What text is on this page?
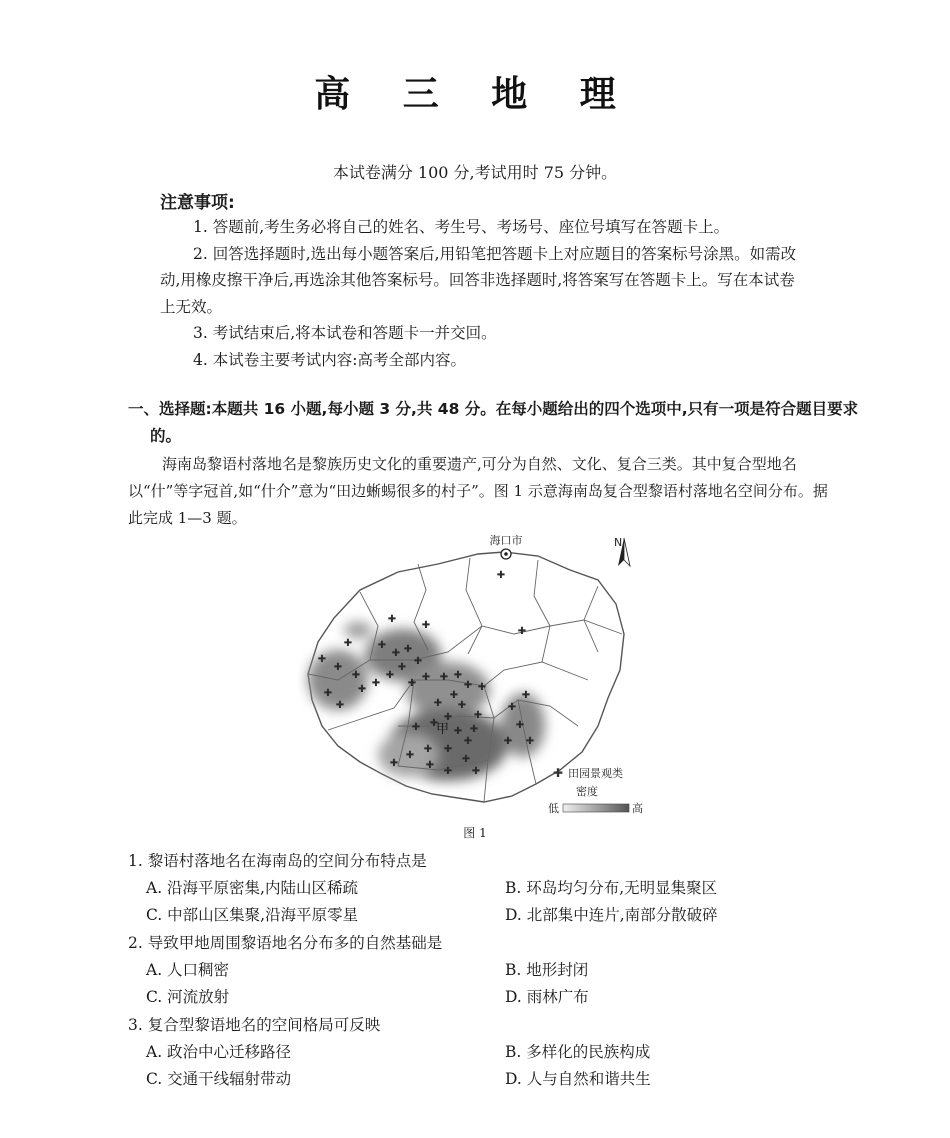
高 三 地 理
本试卷满分 100 分,考试用时 75 分钟。
注意事项:

1. 答题前,考生务必将自己的姓名、考生号、考场号、座位号填写在答题卡上。

2. 回答选择题时,选出每小题答案后,用铅笔把答题卡上对应题目的答案标号涂黑。如需改动,用橡皮擦干净后,再选涂其他答案标号。回答非选择题时,将答案写在答题卡上。写在本试卷上无效。

3. 考试结束后,将本试卷和答题卡一并交回。

4. 本试卷主要考试内容:高考全部内容。

一、选择题:本题共 16 小题,每小题 3 分,共 48 分。在每小题给出的四个选项中,只有一项是符合题目要求的。
海南岛黎语村落地名是黎族历史文化的重要遗产,可分为自然、文化、复合三类。其中复合型地名以“什”等字冠首,如“什介”意为“田边蜥蜴很多的村子”。图 1 示意海南岛复合型黎语村落地名空间分布。据此完成 1—3 题。
海口市	N
✚
✚
✚
✚
✚
✚
✚
✚
✚
✚
✚
✚ ✚
✚
✚
✚
✚	✚
✚ ✚ ✚
✚ ✚
✚
✚ ✚
✚
✚
✚
✚	✚
✚
✚
✚
✚
✚	✚
✚
✚
✚
✚
✚
✚
✚ ✚
✚
✚
甲
✚ 田园景观类
密度
低	高
图 1
1. 黎语村落地名在海南岛的空间分布特点是
A. 沿海平原密集,内陆山区稀疏	B. 环岛均匀分布,无明显集聚区
C. 中部山区集聚,沿海平原零星	D. 北部集中连片,南部分散破碎
2. 导致甲地周围黎语地名分布多的自然基础是
A. 人口稠密	B. 地形封闭
C. 河流放射	D. 雨林广布
3. 复合型黎语地名的空间格局可反映
A. 政治中心迁移路径	B. 多样化的民族构成
C. 交通干线辐射带动	D. 人与自然和谐共生
